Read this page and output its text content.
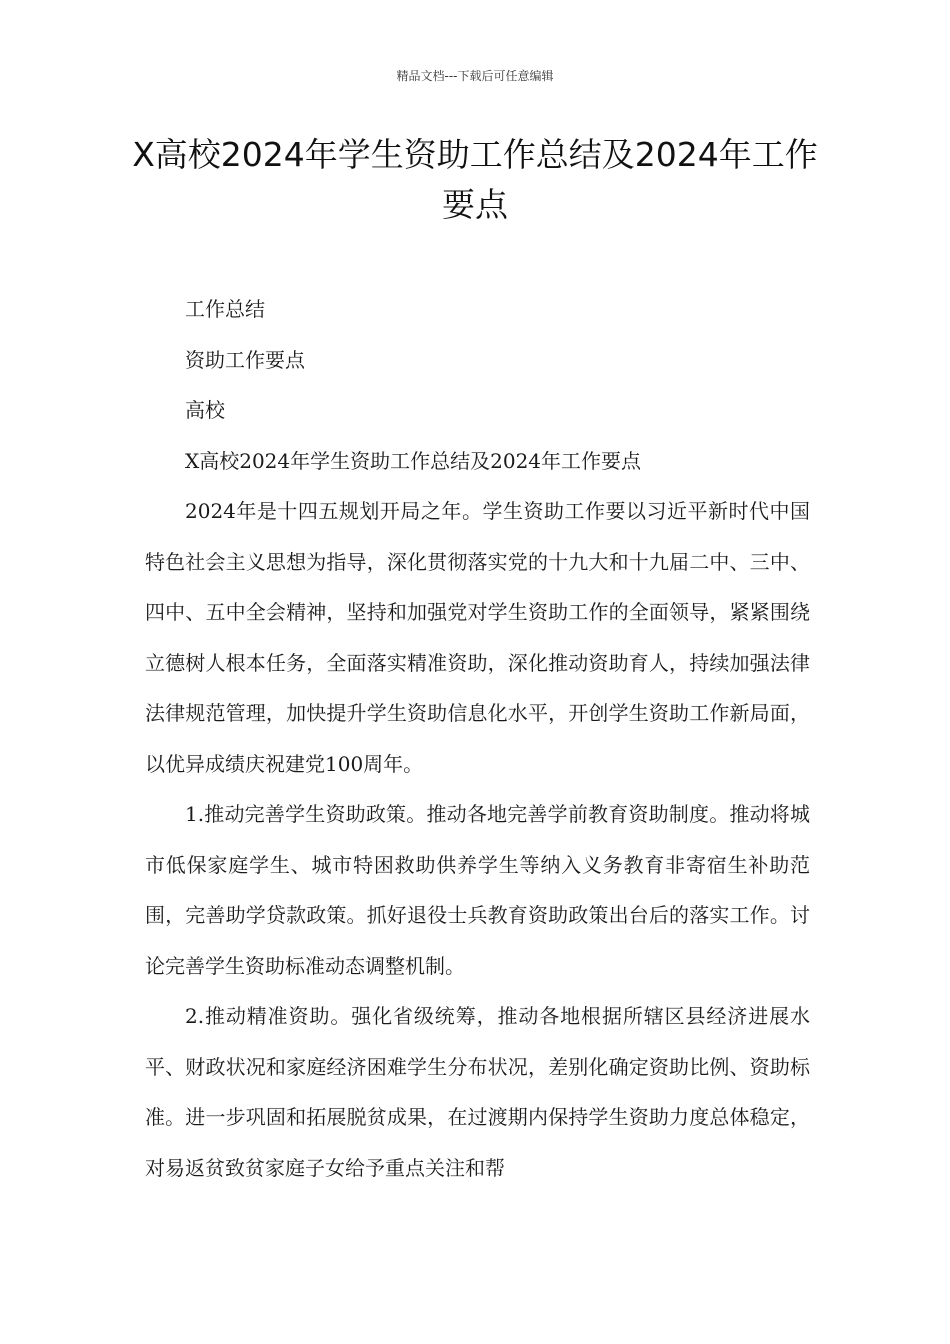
精品文档---下载后可任意编辑
X高校2024年学生资助工作总结及2024年工作要点

工作总结

资助工作要点

高校

X高校2024年学生资助工作总结及2024年工作要点

2024年是十四五规划开局之年。学生资助工作要以习近平新时代中国特色社会主义思想为指导，深化贯彻落实党的十九大和十九届二中、三中、四中、五中全会精神，坚持和加强党对学生资助工作的全面领导，紧紧围绕立德树人根本任务，全面落实精准资助，深化推动资助育人，持续加强法律法律规范管理，加快提升学生资助信息化水平，开创学生资助工作新局面，以优异成绩庆祝建党100周年。

1.推动完善学生资助政策。推动各地完善学前教育资助制度。推动将城市低保家庭学生、城市特困救助供养学生等纳入义务教育非寄宿生补助范围，完善助学贷款政策。抓好退役士兵教育资助政策出台后的落实工作。讨论完善学生资助标准动态调整机制。

2.推动精准资助。强化省级统筹，推动各地根据所辖区县经济进展水平、财政状况和家庭经济困难学生分布状况，差别化确定资助比例、资助标准。进一步巩固和拓展脱贫成果，在过渡期内保持学生资助力度总体稳定，对易返贫致贫家庭子女给予重点关注和帮
